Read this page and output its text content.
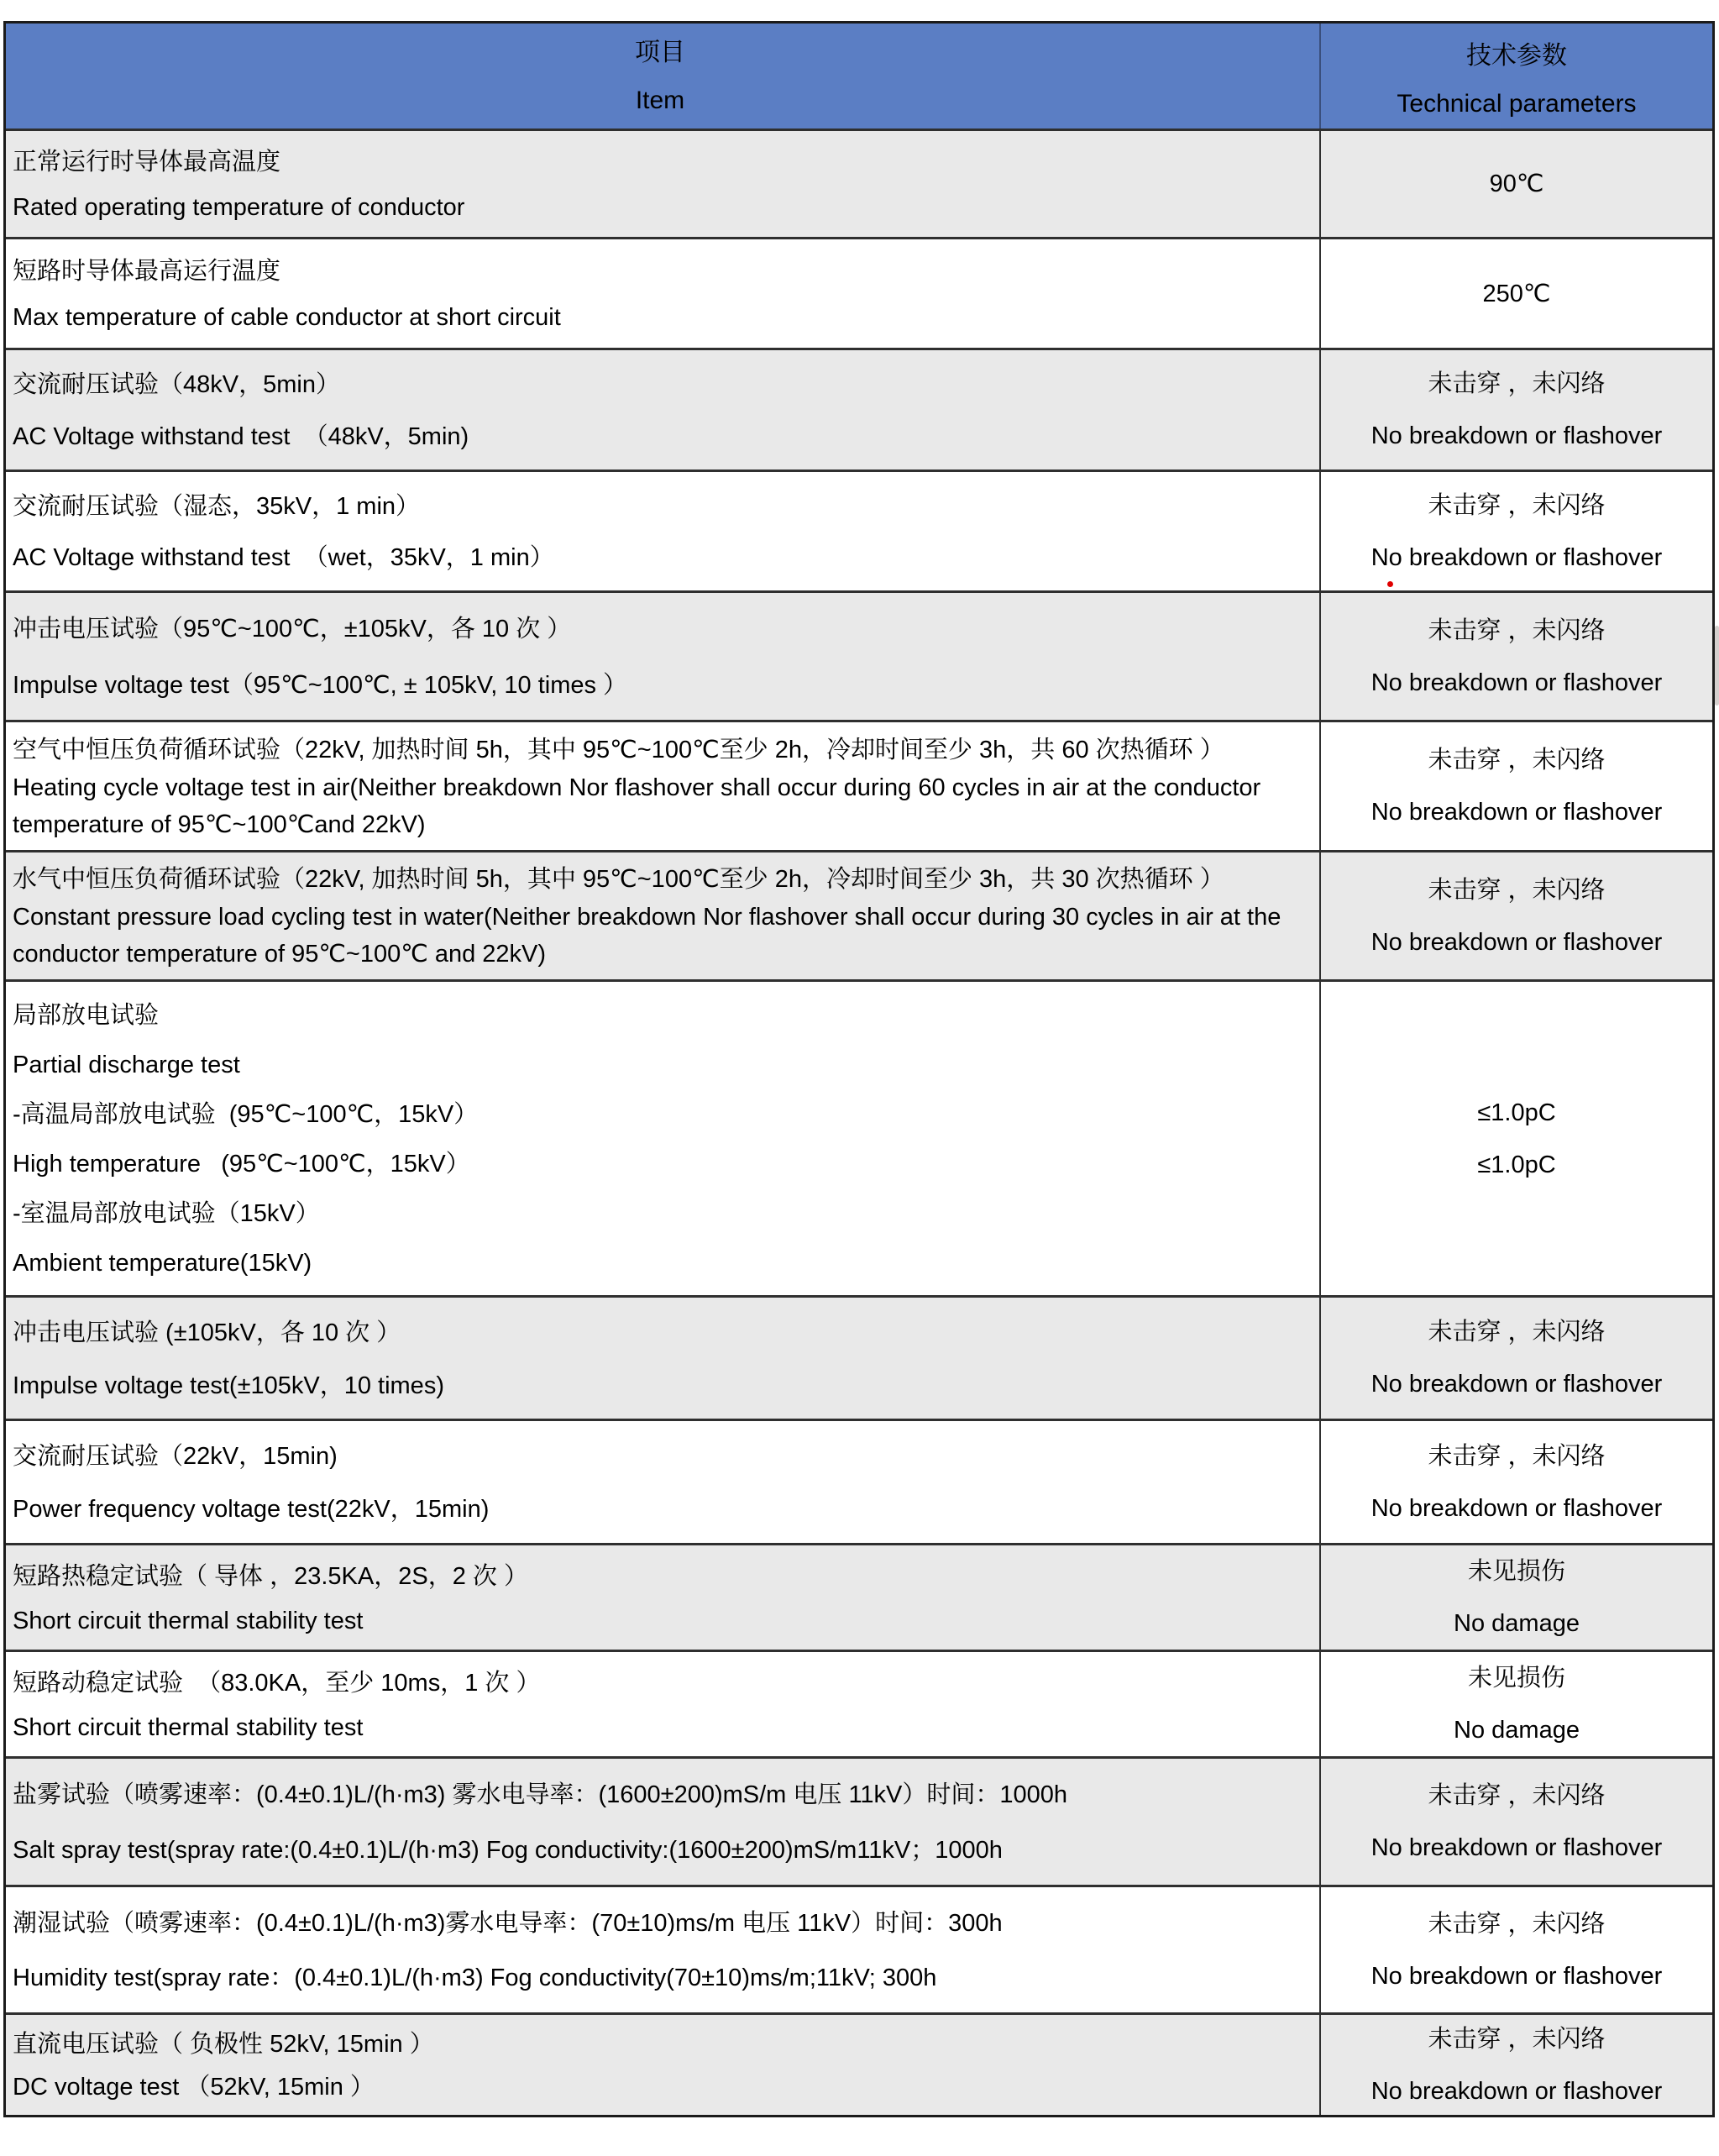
项目
Item
技术参数
Technical parameters
正常运行时导体最高温度
Rated operating temperature of conductor
90℃
短路时导体最高运行温度
Max temperature of cable conductor at short circuit
250℃
交流耐压试验（48kV，5min）
AC Voltage withstand test  （48kV，5min)
未击穿 ，未闪络
No breakdown or flashover
交流耐压试验（湿态，35kV，1 min）
AC Voltage withstand test  （wet，35kV，1 min）
未击穿 ，未闪络
No breakdown or flashover
冲击电压试验（95℃~100℃，±105kV，各 10 次 ）
Impulse voltage test（95℃~100℃, ± 105kV, 10 times ）
未击穿 ，未闪络
No breakdown or flashover
空气中恒压负荷循环试验（22kV, 加热时间 5h，其中 95℃~100℃至少 2h，冷却时间至少 3h，共 60 次热循环 ）
Heating cycle voltage test in air(Neither breakdown Nor flashover shall occur during 60 cycles in air at the conductor temperature of 95℃~100℃and 22kV)
未击穿 ，未闪络
No breakdown or flashover
水气中恒压负荷循环试验（22kV, 加热时间 5h，其中 95℃~100℃至少 2h，冷却时间至少 3h，共 30 次热循环 ）
Constant pressure load cycling test in water(Neither breakdown Nor flashover shall occur during 30 cycles in air at the conductor temperature of 95℃~100℃ and 22kV)
未击穿 ，未闪络
No breakdown or flashover
局部放电试验
Partial discharge test
-高温局部放电试验  (95℃~100℃，15kV）
High temperature   (95℃~100℃，15kV）
-室温局部放电试验（15kV）
Ambient temperature(15kV)
≤1.0pC
≤1.0pC
冲击电压试验 (±105kV，各 10 次 ）
Impulse voltage test(±105kV，10 times)
未击穿 ，未闪络
No breakdown or flashover
交流耐压试验（22kV，15min)
Power frequency voltage test(22kV，15min)
未击穿 ，未闪络
No breakdown or flashover
短路热稳定试验（ 导体 ，23.5KA，2S，2 次 ）
Short circuit thermal stability test
未见损伤
No damage
短路动稳定试验  （83.0KA，至少 10ms，1 次 ）
Short circuit thermal stability test
未见损伤
No damage
盐雾试验（喷雾速率：(0.4±0.1)L/(h·m3) 雾水电导率：(1600±200)mS/m 电压 11kV）时间：1000h
Salt spray test(spray rate:(0.4±0.1)L/(h·m3) Fog conductivity:(1600±200)mS/m11kV；1000h
未击穿 ，未闪络
No breakdown or flashover
潮湿试验（喷雾速率：(0.4±0.1)L/(h·m3)雾水电导率：(70±10)ms/m 电压 11kV）时间：300h
Humidity test(spray rate：(0.4±0.1)L/(h·m3) Fog conductivity(70±10)ms/m;11kV; 300h
未击穿 ，未闪络
No breakdown or flashover
直流电压试验（ 负极性 52kV, 15min ）
DC voltage test （52kV, 15min ）
未击穿 ，未闪络
No breakdown or flashover
